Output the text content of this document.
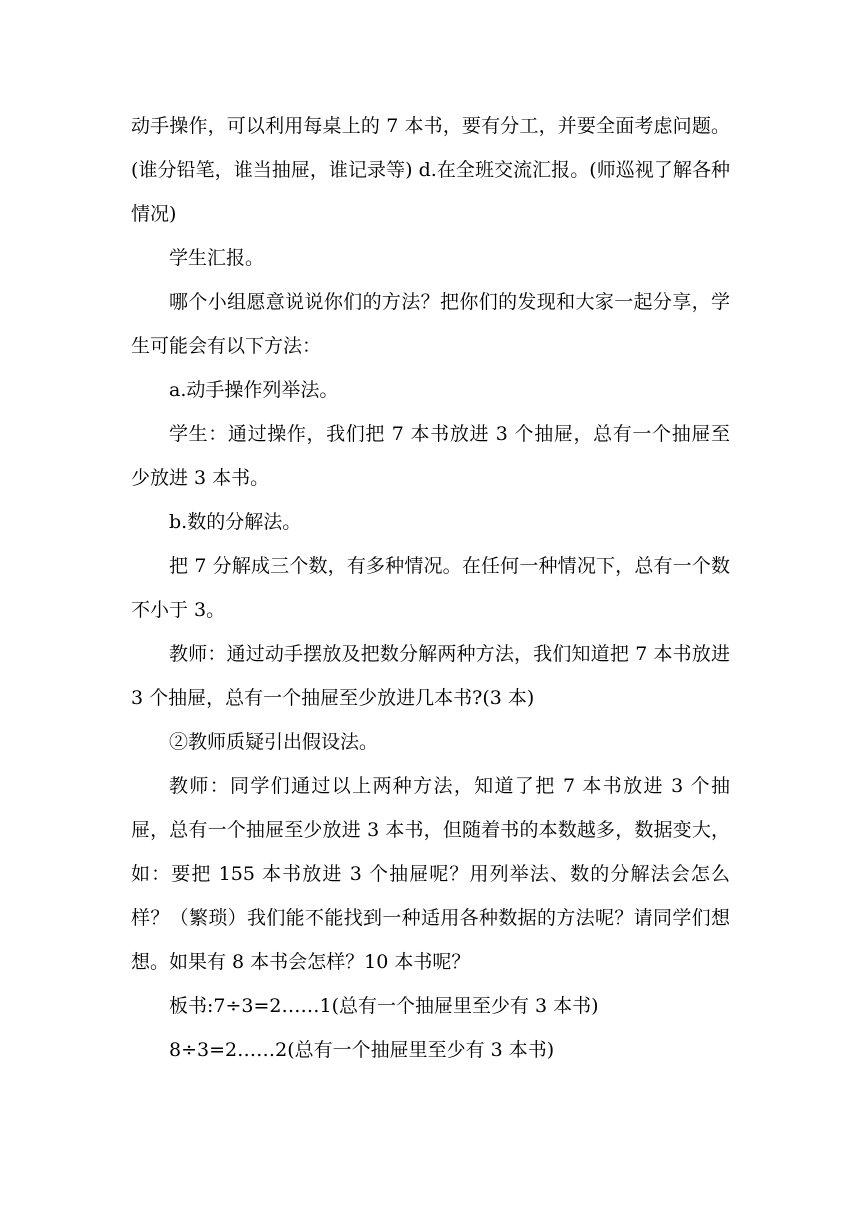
动手操作，可以利用每桌上的 7 本书，要有分工，并要全面考虑问题。(谁分铅笔，谁当抽屉，谁记录等) d.在全班交流汇报。(师巡视了解各种情况)

学生汇报。

哪个小组愿意说说你们的方法？把你们的发现和大家一起分享，学生可能会有以下方法：

a.动手操作列举法。

学生：通过操作，我们把 7 本书放进 3 个抽屉，总有一个抽屉至少放进 3 本书。

b.数的分解法。

把 7 分解成三个数，有多种情况。在任何一种情况下，总有一个数不小于 3。

教师：通过动手摆放及把数分解两种方法，我们知道把 7 本书放进 3 个抽屉，总有一个抽屉至少放进几本书?(3 本)

②教师质疑引出假设法。

教师：同学们通过以上两种方法，知道了把 7 本书放进 3 个抽屉，总有一个抽屉至少放进 3 本书，但随着书的本数越多，数据变大，如：要把 155 本书放进 3 个抽屉呢？用列举法、数的分解法会怎么样？（繁琐）我们能不能找到一种适用各种数据的方法呢？请同学们想想。如果有 8 本书会怎样？10 本书呢？

板书:7÷3=2……1(总有一个抽屉里至少有 3 本书)

8÷3=2……2(总有一个抽屉里至少有 3 本书)
